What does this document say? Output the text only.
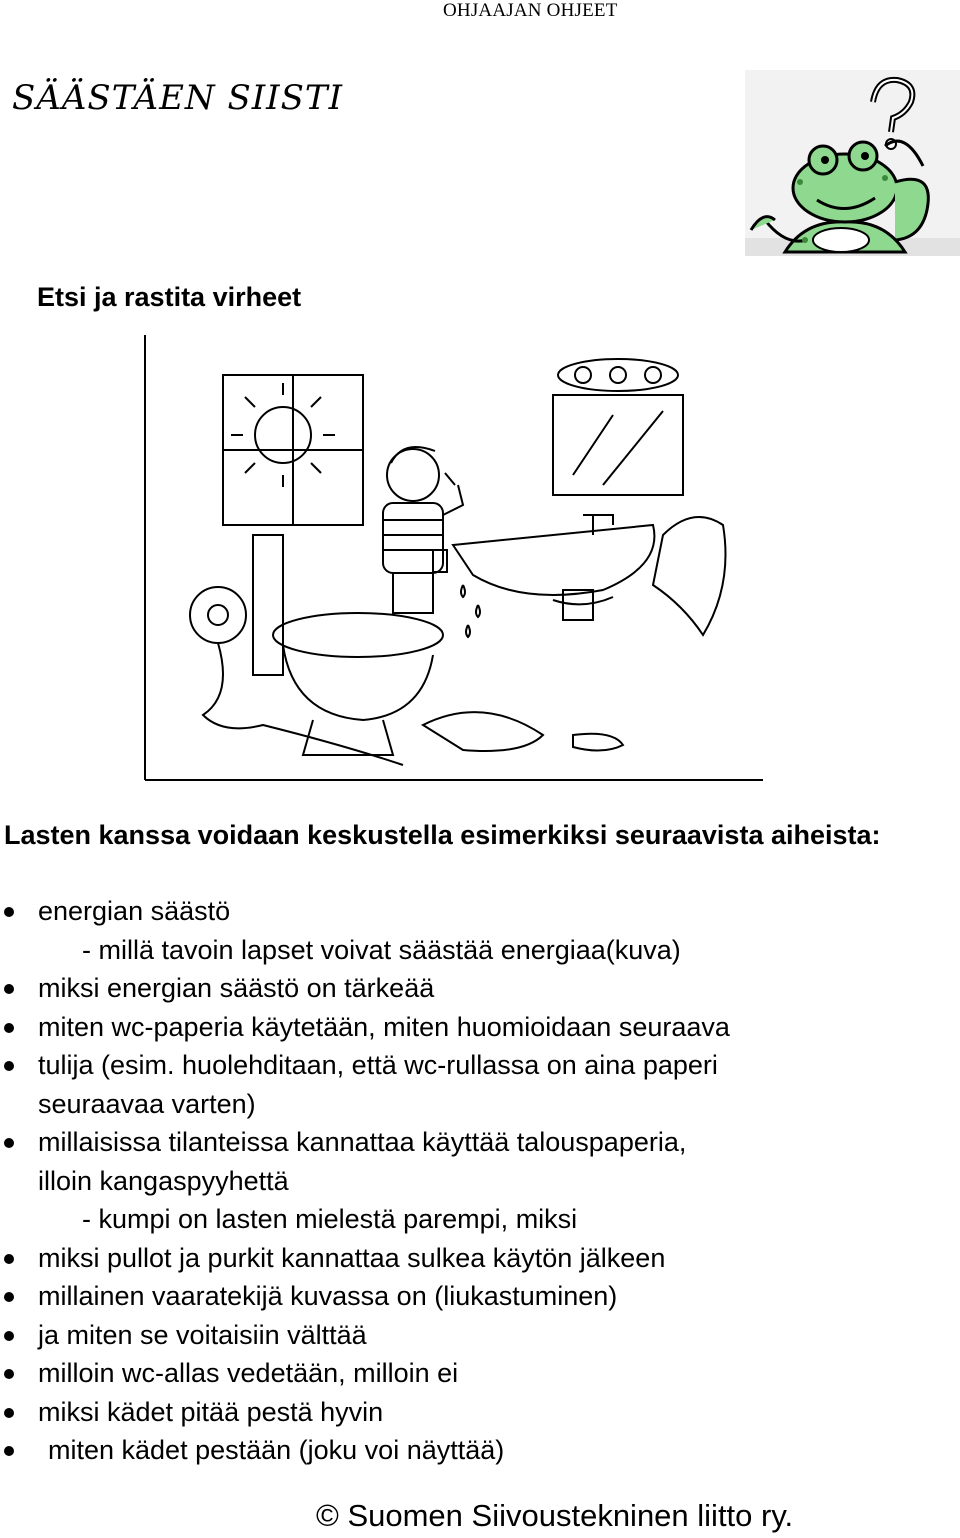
OHJAAJAN OHJEET
SÄÄSTÄEN SIISTI
Etsi ja rastita virheet
Lasten kanssa voidaan keskustella esimerkiksi seuraavista aiheista:
energian säästö
- millä tavoin lapset voivat säästää energiaa(kuva)
miksi energian säästö on tärkeää
miten wc-paperia käytetään, miten huomioidaan seuraava
tulija (esim. huolehditaan, että wc-rullassa on aina paperi
seuraavaa varten)
millaisissa tilanteissa kannattaa käyttää talouspaperia,
illoin kangaspyyhettä
- kumpi on lasten mielestä parempi, miksi
miksi pullot ja purkit kannattaa sulkea käytön jälkeen
millainen vaaratekijä kuvassa on (liukastuminen)
ja miten se voitaisiin välttää
milloin wc-allas vedetään, milloin ei
miksi kädet pitää pestä hyvin
miten kädet pestään (joku voi näyttää)
© Suomen Siivoustekninen liitto ry.
